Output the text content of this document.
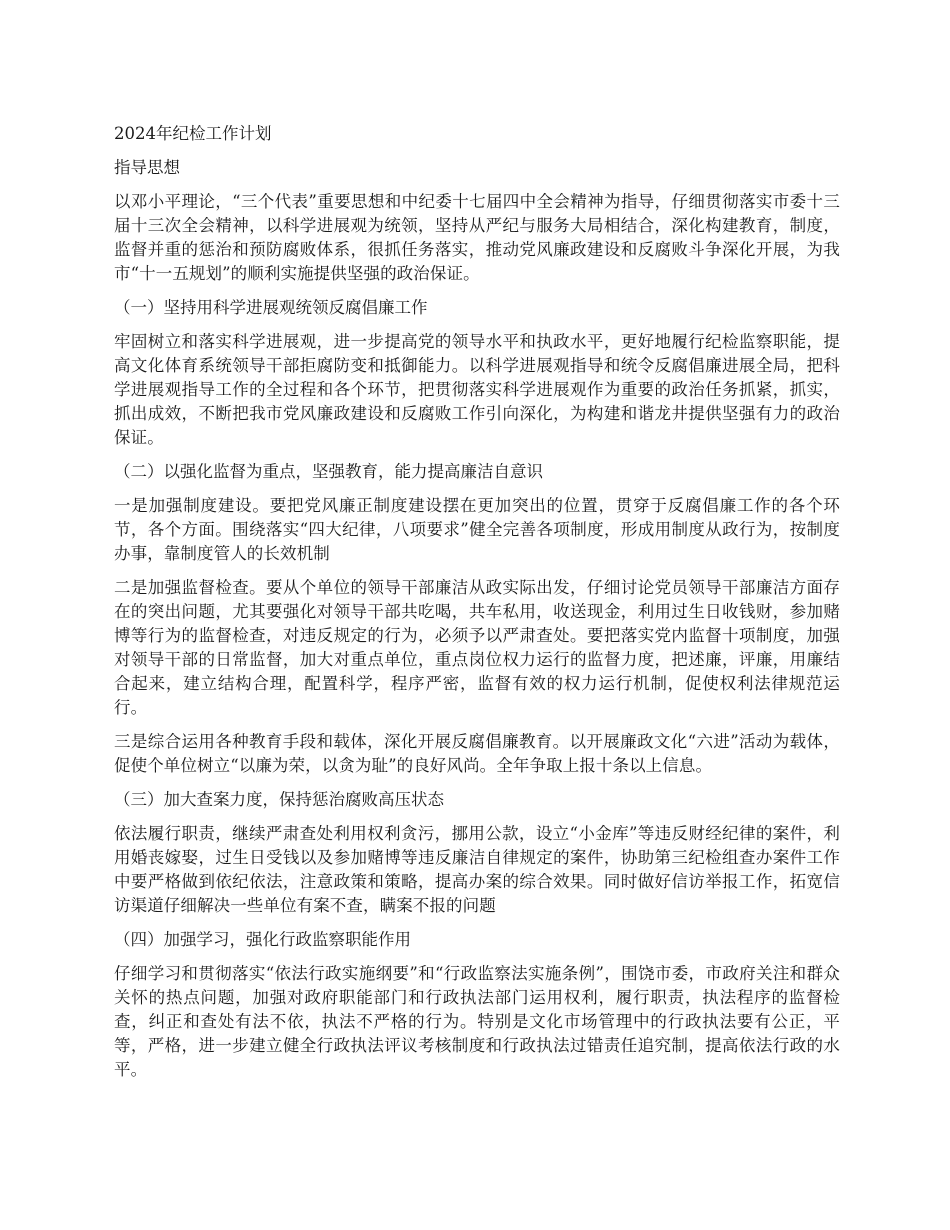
2024年纪检工作计划
指导思想
以邓小平理论，“三个代表”重要思想和中纪委十七届四中全会精神为指导，仔细贯彻落实市委十三届十三次全会精神，以科学进展观为统领，坚持从严纪与服务大局相结合，深化构建教育，制度，监督并重的惩治和预防腐败体系，很抓任务落实，推动党风廉政建设和反腐败斗争深化开展，为我市“十一五规划”的顺利实施提供坚强的政治保证。
（一）坚持用科学进展观统领反腐倡廉工作
牢固树立和落实科学进展观，进一步提高党的领导水平和执政水平，更好地履行纪检监察职能，提高文化体育系统领导干部拒腐防变和抵御能力。以科学进展观指导和统令反腐倡廉进展全局，把科学进展观指导工作的全过程和各个环节，把贯彻落实科学进展观作为重要的政治任务抓紧，抓实，抓出成效，不断把我市党风廉政建设和反腐败工作引向深化，为构建和谐龙井提供坚强有力的政治保证。
（二）以强化监督为重点，坚强教育，能力提高廉洁自意识
一是加强制度建设。要把党风廉正制度建设摆在更加突出的位置，贯穿于反腐倡廉工作的各个环节，各个方面。围绕落实“四大纪律，八项要求”健全完善各项制度，形成用制度从政行为，按制度办事，靠制度管人的长效机制
二是加强监督检查。要从个单位的领导干部廉洁从政实际出发，仔细讨论党员领导干部廉洁方面存在的突出问题，尤其要强化对领导干部共吃喝，共车私用，收送现金，利用过生日收钱财，参加赌博等行为的监督检查，对违反规定的行为，必须予以严肃查处。要把落实党内监督十项制度，加强对领导干部的日常监督，加大对重点单位，重点岗位权力运行的监督力度，把述廉，评廉，用廉结合起来，建立结构合理，配置科学，程序严密，监督有效的权力运行机制，促使权利法律规范运行。
三是综合运用各种教育手段和载体，深化开展反腐倡廉教育。以开展廉政文化“六进”活动为载体，促使个单位树立“以廉为荣，以贪为耻”的良好风尚。全年争取上报十条以上信息。
（三）加大查案力度，保持惩治腐败高压状态
依法履行职责，继续严肃查处利用权利贪污，挪用公款，设立“小金库”等违反财经纪律的案件，利用婚丧嫁娶，过生日受钱以及参加赌博等违反廉洁自律规定的案件，协助第三纪检组查办案件工作中要严格做到依纪依法，注意政策和策略，提高办案的综合效果。同时做好信访举报工作，拓宽信访渠道仔细解决一些单位有案不查，瞒案不报的问题
（四）加强学习，强化行政监察职能作用
仔细学习和贯彻落实“依法行政实施纲要”和“行政监察法实施条例”，围饶市委，市政府关注和群众关怀的热点问题，加强对政府职能部门和行政执法部门运用权利，履行职责，执法程序的监督检查，纠正和查处有法不依，执法不严格的行为。特别是文化市场管理中的行政执法要有公正，平等，严格，进一步建立健全行政执法评议考核制度和行政执法过错责任追究制，提高依法行政的水平。
